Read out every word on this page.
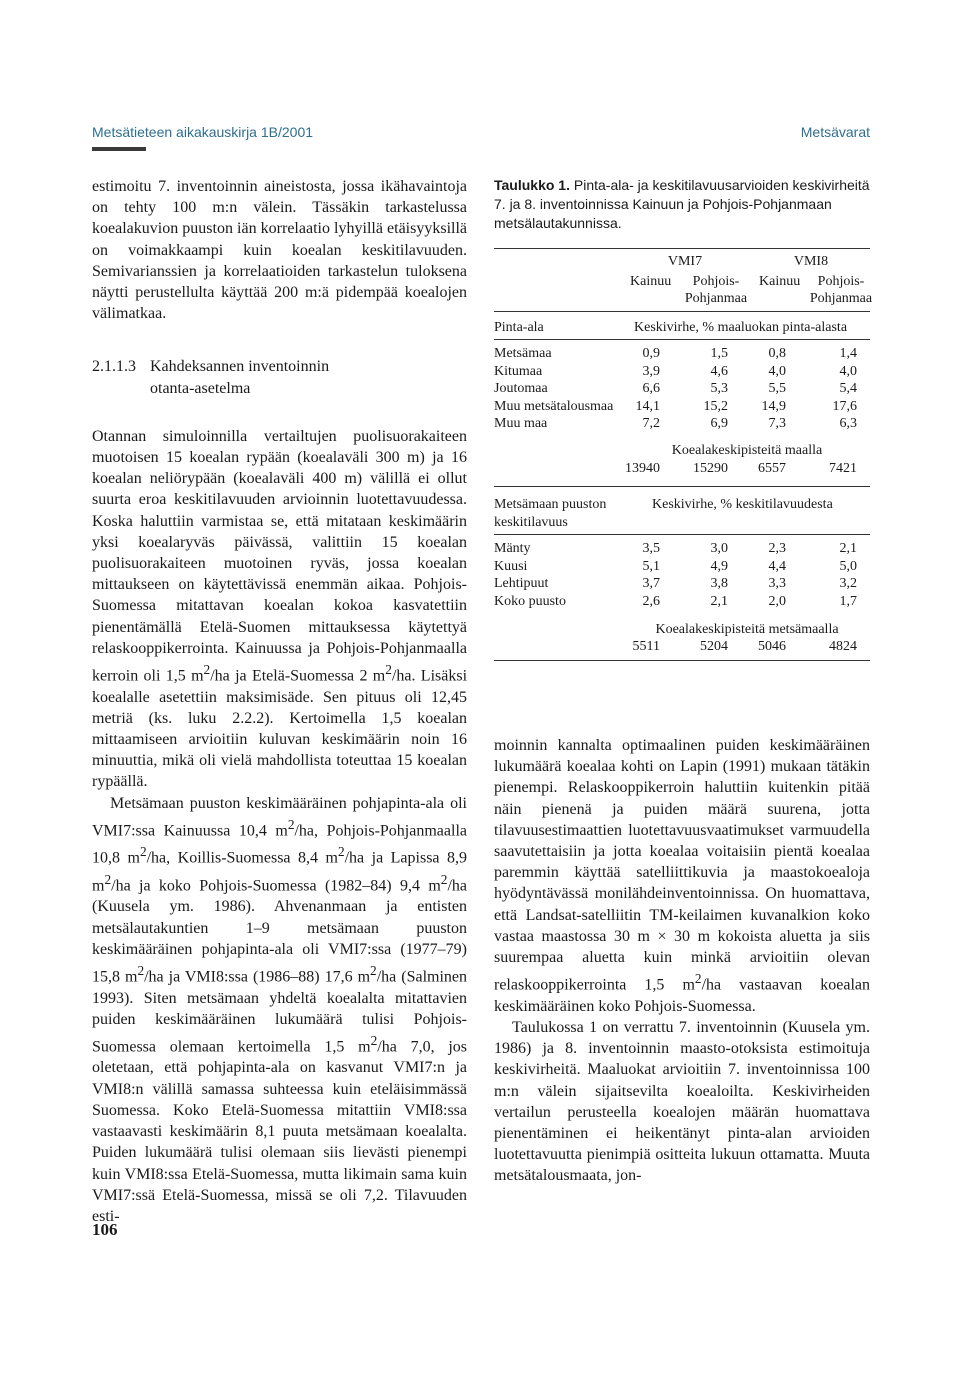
Metsätieteen aikakauskirja 1B/2001	Metsävarat

estimoitu 7. inventoinnin aineistosta, jossa ikähavaintoja on tehty 100 m:n välein. Tässäkin tarkastelussa koealakuvion puuston iän korrelaatio lyhyillä etäisyyksillä on voimakkaampi kuin koealan keskitilavuuden. Semivarianssien ja korrelaatioiden tarkastelun tuloksena näytti perustellulta käyttää 200 m:ä pidempää koealojen välimatkaa.

2.1.1.3 Kahdeksannen inventoinnin
otanta-asetelma

Otannan simuloinnilla vertailtujen puolisuorakaiteen muotoisen 15 koealan rypään (koealaväli 300 m) ja 16 koealan neliörypään (koealaväli 400 m) välillä ei ollut suurta eroa keskitilavuuden arvioinnin luotettavuudessa. Koska haluttiin varmistaa se, että mitataan keskimäärin yksi koealaryväs päivässä, valittiin 15 koealan puolisuorakaiteen muotoinen ryväs, jossa koealan mittaukseen on käytettävissä enemmän aikaa. Pohjois-Suomessa mitattavan koealan kokoa kasvatettiin pienentämällä Etelä-Suomen mittauksessa käytettyä relaskooppikerrointa. Kainuussa ja Pohjois-Pohjanmaalla kerroin oli 1,5 $m^2/ha$ ja Etelä-Suomessa 2 $m^2/ha$. Lisäksi koealalle asetettiin maksimisäde. Sen pituus oli 12,45 metriä (ks. luku 2.2.2). Kertoimella 1,5 koealan mittaamiseen arvioitiin kuluvan keskimäärin noin 16 minuuttia, mikä oli vielä mahdollista toteuttaa 15 koealan rypäällä.

Metsämaan puuston keskimääräinen pohjapinta-ala oli VMI7:ssa Kainuussa 10,4 $m^2/ha$, Pohjois-Pohjanmaalla 10,8 $m^2/ha$, Koillis-Suomessa 8,4 $m^2/ha$ ja Lapissa 8,9 $m^2/ha$ ja koko Pohjois-Suomessa (1982–84) 9,4 $m^2/ha$ (Kuusela ym. 1986). Ahvenanmaan ja entisten metsälautakuntien 1–9 metsämaan puuston keskimääräinen pohjapinta-ala oli VMI7:ssa (1977–79) 15,8 $m^2/ha$ ja VMI8:ssa (1986–88) 17,6 $m^2/ha$ (Salminen 1993). Siten metsämaan yhdeltä koealalta mitattavien puiden keskimääräinen lukumäärä tulisi Pohjois-Suomessa olemaan kertoimella 1,5 $m^2/ha$ 7,0, jos oletetaan, että pohjapinta-ala on kasvanut VMI7:n ja VMI8:n välillä samassa suhteessa kuin eteläisimmässä Suomessa. Koko Etelä-Suomessa mitattiin VMI8:ssa vastaavasti keskimäärin 8,1 puuta metsämaan koealalta. Puiden lukumäärä tulisi olemaan siis lievästi pienempi kuin VMI8:ssa Etelä-Suomessa, mutta likimain sama kuin VMI7:ssä Etelä-Suomessa, missä se oli 7,2. Tilavuuden esti-

Taulukko 1. Pinta-ala- ja keskitilavuusarvioiden keskivirheitä 7. ja 8. inventoinnissa Kainuun ja Pohjois-Pohjanmaan metsälautakunnissa.
VMI7	VMI8
Kainuu	Pohjois-
Pohjanmaa
Kainuu	Pohjois-
Pohjanmaa
Pinta-ala	Keskivirhe, % maaluokan pinta-alasta
Metsämaa	0,9	1,5	0,8	1,4
Kitumaa	3,9	4,6	4,0	4,0
Joutomaa	6,6	5,3	5,5	5,4
Muu metsätalousmaa	14,1	15,2	14,9	17,6
Muu maa	7,2	6,9	7,3	6,3
Koealakeskipisteitä maalla
13940	15290	6557	7421
Metsämaan puuston
keskitilavuus
Keskivirhe, % keskitilavuudesta
Mänty	3,5	3,0	2,3	2,1
Kuusi	5,1	4,9	4,4	5,0
Lehtipuut	3,7	3,8	3,3	3,2
Koko puusto	2,6	2,1	2,0	1,7
Koealakeskipisteitä metsämaalla
5511	5204	5046	4824

moinnin kannalta optimaalinen puiden keskimääräinen lukumäärä koealaa kohti on Lapin (1991) mukaan tätäkin pienempi. Relaskooppikerroin haluttiin kuitenkin pitää näin pienenä ja puiden määrä suurena, jotta tilavuusestimaattien luotettavuusvaatimukset varmuudella saavutettaisiin ja jotta koealaa voitaisiin pientä koealaa paremmin käyttää satelliittikuvia ja maastokoealoja hyödyntävässä monilähdeinventoinnissa. On huomattava, että Landsat-satelliitin TM-keilaimen kuvanalkion koko vastaa maastossa 30 m × 30 m kokoista aluetta ja siis suurempaa aluetta kuin minkä arvioitiin olevan relaskooppikerrointa 1,5 $m^2/ha$ vastaavan koealan keskimääräinen koko Pohjois-Suomessa.

Taulukossa 1 on verrattu 7. inventoinnin (Kuusela ym. 1986) ja 8. inventoinnin maasto-otoksista estimoituja keskivirheitä. Maaluokat arvioitiin 7. inventoinnissa 100 m:n välein sijaitsevilta koealoilta. Keskivirheiden vertailun perusteella koealojen määrän huomattava pienentäminen ei heikentänyt pinta-alan arvioiden luotettavuutta pienimpiä ositteita lukuun ottamatta. Muuta metsätalousmaata, jon-

106
